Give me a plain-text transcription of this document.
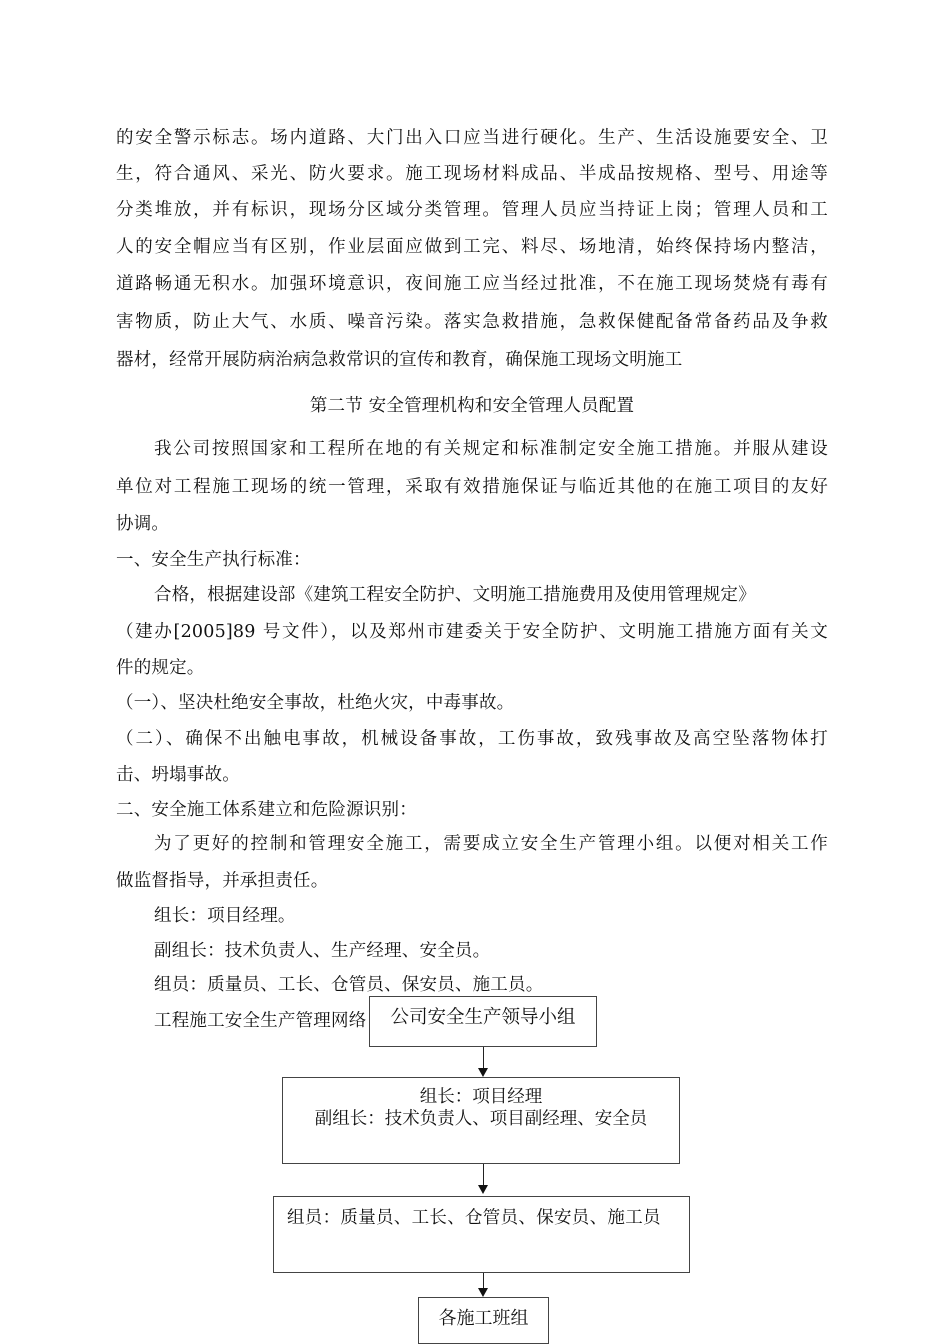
的安全警示标志。场内道路、大门出入口应当进行硬化。生产、生活设施要安全、卫
生，符合通风、采光、防火要求。施工现场材料成品、半成品按规格、型号、用途等
分类堆放，并有标识，现场分区域分类管理。管理人员应当持证上岗；管理人员和工
人的安全帽应当有区别，作业层面应做到工完、料尽、场地清，始终保持场内整洁，
道路畅通无积水。加强环境意识，夜间施工应当经过批准，不在施工现场焚烧有毒有
害物质，防止大气、水质、噪音污染。落实急救措施，急救保健配备常备药品及争救
器材，经常开展防病治病急救常识的宣传和教育，确保施工现场文明施工
第二节 安全管理机构和安全管理人员配置
我公司按照国家和工程所在地的有关规定和标准制定安全施工措施。并服从建设
单位对工程施工现场的统一管理，采取有效措施保证与临近其他的在施工项目的友好
协调。
一、安全生产执行标准：
合格，根据建设部《建筑工程安全防护、文明施工措施费用及使用管理规定》
（建办[2005]89 号文件），以及郑州市建委关于安全防护、文明施工措施方面有关文
件的规定。
（一）、坚决杜绝安全事故，杜绝火灾，中毒事故。
（二）、确保不出触电事故，机械设备事故，工伤事故，致残事故及高空坠落物体打
击、坍塌事故。
二、安全施工体系建立和危险源识别：
为了更好的控制和管理安全施工，需要成立安全生产管理小组。以便对相关工作
做监督指导，并承担责任。
组长：项目经理。
副组长：技术负责人、生产经理、安全员。
组员：质量员、工长、仓管员、保安员、施工员。
工程施工安全生产管理网络	公司安全生产领导小组
组长：项目经理
副组长：技术负责人、项目副经理、安全员
组员：质量员、工长、仓管员、保安员、施工员
各施工班组
